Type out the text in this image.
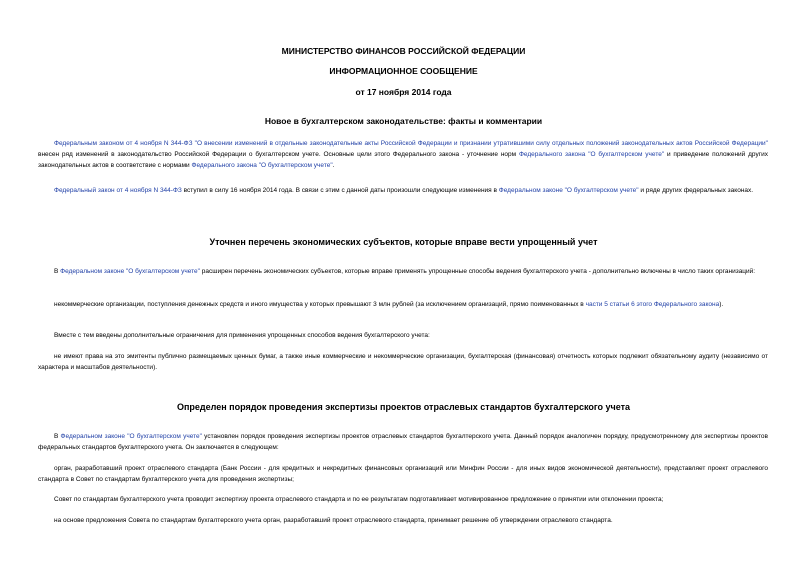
МИНИСТЕРСТВО ФИНАНСОВ РОССИЙСКОЙ ФЕДЕРАЦИИ
ИНФОРМАЦИОННОЕ СООБЩЕНИЕ
от 17 ноября 2014 года
Новое в бухгалтерском законодательстве: факты и комментарии
Федеральным законом от 4 ноября N 344-ФЗ "О внесении изменений в отдельные законодательные акты Российской Федерации и признании утратившими силу отдельных положений законодательных актов Российской Федерации" внесен ряд изменений в законодательство Российской Федерации о бухгалтерском учете. Основные цели этого Федерального закона - уточнение норм Федерального закона "О бухгалтерском учете" и приведение положений других законодательных актов в соответствие с нормами Федерального закона "О бухгалтерском учете".
Федеральный закон от 4 ноября N 344-ФЗ вступил в силу 16 ноября 2014 года. В связи с этим с данной даты произошли следующие изменения в Федеральном законе "О бухгалтерском учете" и ряде других федеральных законах.
Уточнен перечень экономических субъектов, которые вправе вести упрощенный учет
В Федеральном законе "О бухгалтерском учете" расширен перечень экономических субъектов, которые вправе применять упрощенные способы ведения бухгалтерского учета - дополнительно включены в число таких организаций:
некоммерческие организации, поступления денежных средств и иного имущества у которых превышают 3 млн рублей (за исключением организаций, прямо поименованных в части 5 статьи 6 этого Федерального закона).
Вместе с тем введены дополнительные ограничения для применения упрощенных способов ведения бухгалтерского учета:
не имеют права на это эмитенты публично размещаемых ценных бумаг, а также иные коммерческие и некоммерческие организации, бухгалтерская (финансовая) отчетность которых подлежит обязательному аудиту (независимо от характера и масштабов деятельности).
Определен порядок проведения экспертизы проектов отраслевых стандартов бухгалтерского учета
В Федеральном законе "О бухгалтерском учете" установлен порядок проведения экспертизы проектов отраслевых стандартов бухгалтерского учета. Данный порядок аналогичен порядку, предусмотренному для экспертизы проектов федеральных стандартов бухгалтерского учета. Он заключается в следующем:
орган, разработавший проект отраслевого стандарта (Банк России - для кредитных и некредитных финансовых организаций или Минфин России - для иных видов экономической деятельности), представляет проект отраслевого стандарта в Совет по стандартам бухгалтерского учета для проведения экспертизы;
Совет по стандартам бухгалтерского учета проводит экспертизу проекта отраслевого стандарта и по ее результатам подготавливает мотивированное предложение о принятии или отклонении проекта;
на основе предложения Совета по стандартам бухгалтерского учета орган, разработавший проект отраслевого стандарта, принимает решение об утверждении отраслевого стандарта.
